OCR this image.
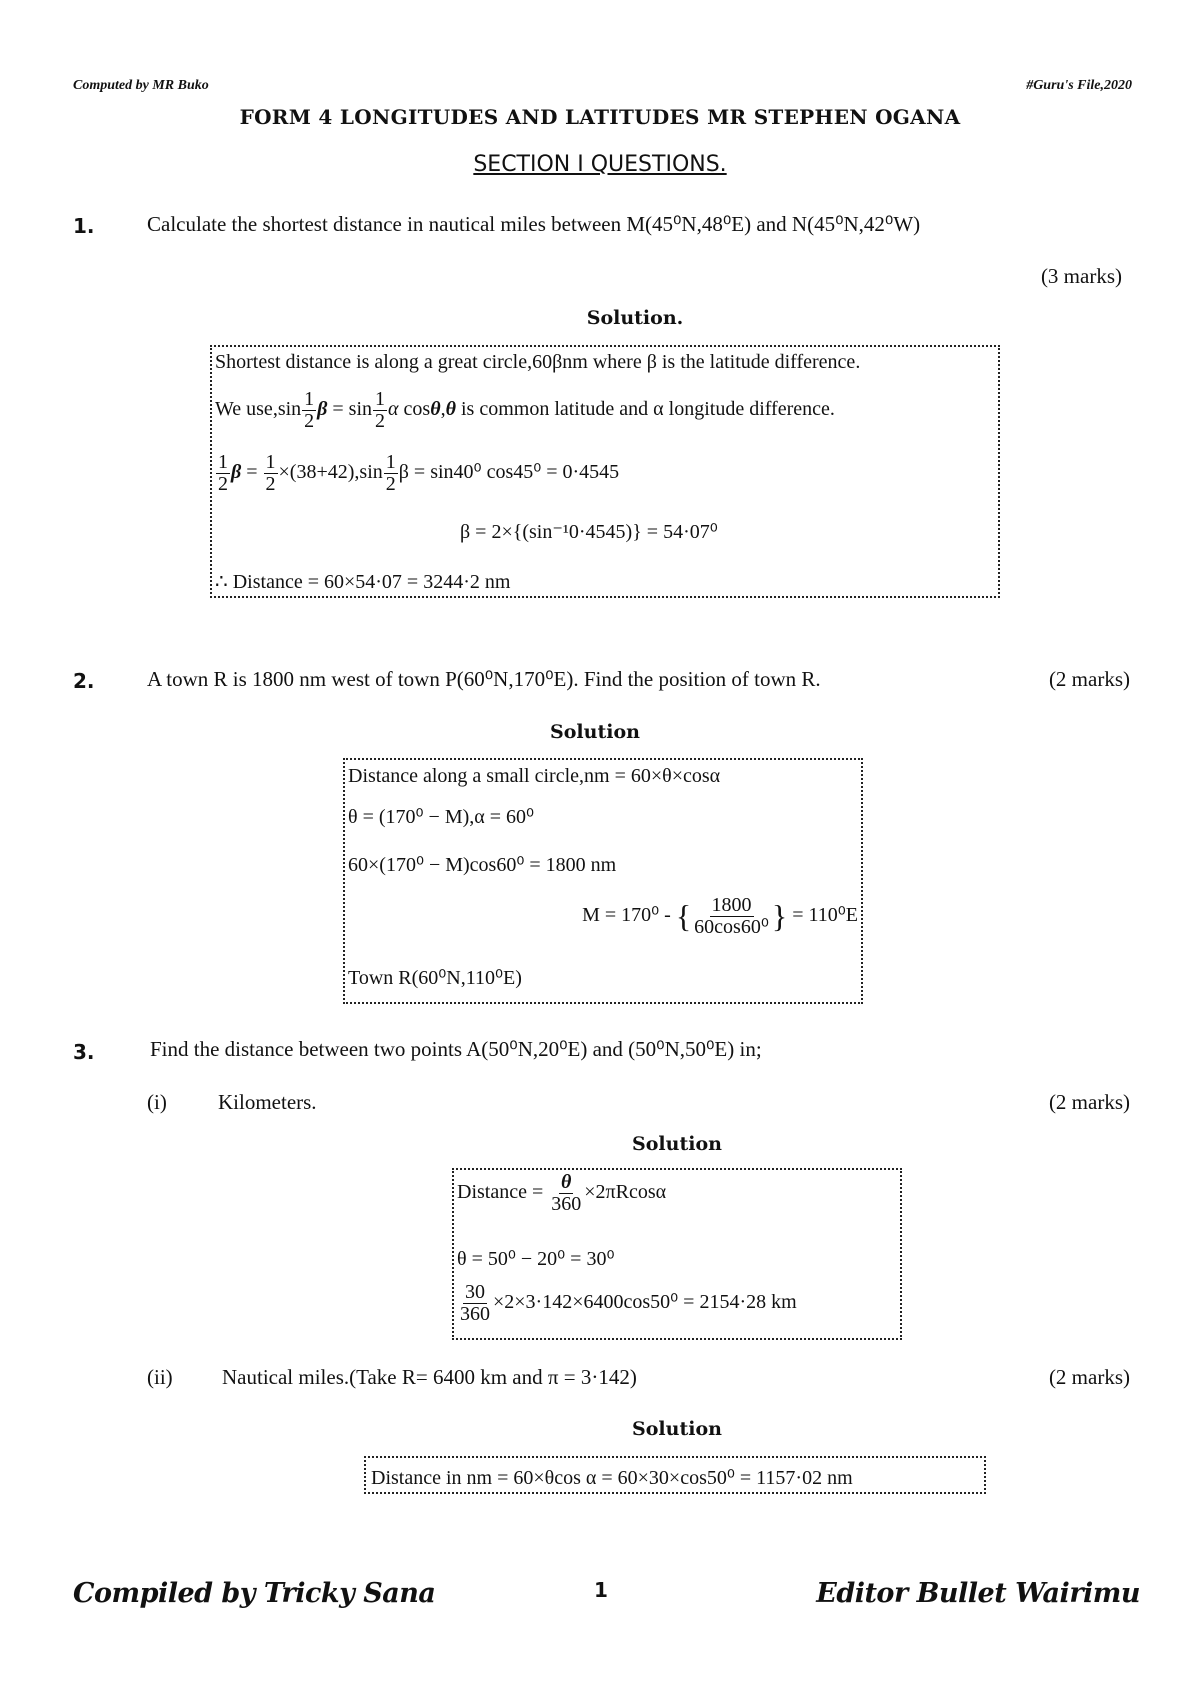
Computed by MR Buko	#Guru's File,2020
FORM 4 LONGITUDES AND LATITUDES MR STEPHEN OGANA
SECTION I QUESTIONS.
1. Calculate the shortest distance in nautical miles between M(45⁰N,48⁰E) and N(45⁰N,42⁰W)
(3 marks)
Solution.
Shortest distance is along a great circle,60βnm where β is the latitude difference.
We $use,\sin \frac{1}{2}$ $\beta = \sin \frac{1}{2}$ α cosθ,θ is common latitude and α longitude difference.
$\frac{1}{2}$ $\beta = \frac{1}{2} \times(38+42),\sin \frac{1}{2}$ β = sin40⁰ cos45⁰ = 0·4545
β = 2×{(sin⁻¹0·4545)} = 54·07⁰
∴ Distance = 60×54·07 = 3244·2 nm
2. A town R is 1800 nm west of town P(60⁰N,170⁰E). Find the position of town R.	(2 marks)
Solution
Distance along a small circle,nm = 60×θ×cosα
θ = (170⁰ − M),α = 60⁰
60×(170⁰ − M)cos60⁰ = 1800 nm
M = 170⁰ - { $\frac{1800}{\text{60cos60⁰}}$ } = 110⁰E
Town R(60⁰N,110⁰E)
3.	Find the distance between two points A(50⁰N,20⁰E) and (50⁰N,50⁰E) in;
(i) Kilometers.	(2 marks)
Solution
Distance = $\frac{\theta}{360} \times 2\pi Rcos\alpha$
θ = 50⁰ − 20⁰ = 30⁰
$\frac{30}{360} \times 2\times 3\cdot 142\times 6400\cos 50^0 = 2154\cdot 28$ km
(ii) Nautical miles.(Take R= 6400 km and π = 3·142)	(2 marks)
Solution
Distance in nm = 60×θcos α = 60×30×cos50⁰ = 1157·02 nm
Compiled by Tricky Sana	1	Editor Bullet Wairimu
